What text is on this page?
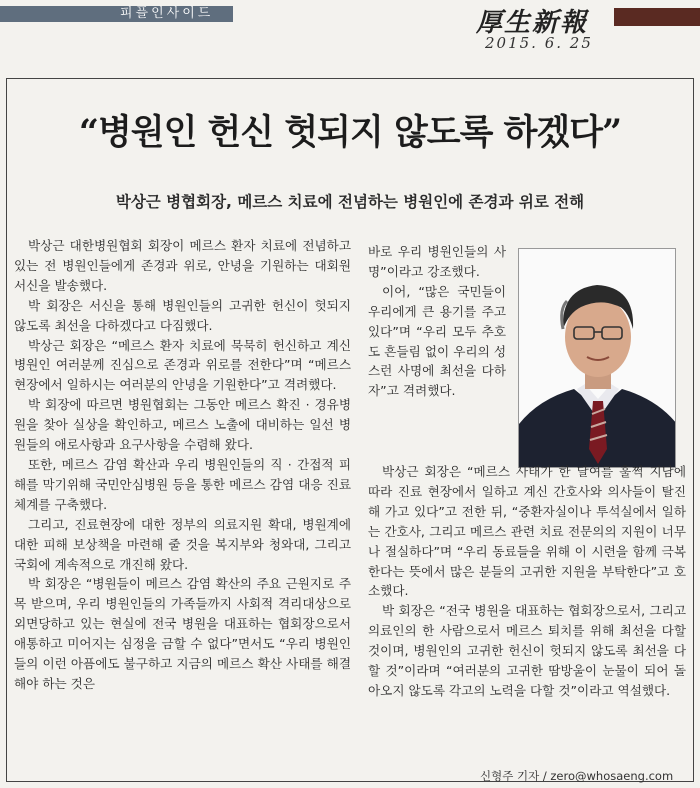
피플인사이드	厚生新報
2015. 6. 25
“병원인 헌신 헛되지 않도록 하겠다”
박상근 병협회장, 메르스 치료에 전념하는 병원인에 존경과 위로 전해

박상근 대한병원협회 회장이 메르스 환자 치료에 전념하고 있는 전 병원인들에게 존경과 위로, 안녕을 기원하는 대회원 서신을 발송했다.

박 회장은 서신을 통해 병원인들의 고귀한 헌신이 헛되지 않도록 최선을 다하겠다고 다짐했다.

박상근 회장은 “메르스 환자 치료에 묵묵히 헌신하고 계신 병원인 여러분께 진심으로 존경과 위로를 전한다”며 “메르스 현장에서 일하시는 여러분의 안녕을 기원한다”고 격려했다.

박 회장에 따르면 병원협회는 그동안 메르스 확진 · 경유병원을 찾아 실상을 확인하고, 메르스 노출에 대비하는 일선 병원들의 애로사항과 요구사항을 수렴해 왔다.

또한, 메르스 감염 확산과 우리 병원인들의 직 · 간접적 피해를 막기위해 국민안심병원 등을 통한 메르스 감염 대응 진료체계를 구축했다.

그리고, 진료현장에 대한 정부의 의료지원 확대, 병원계에 대한 피해 보상책을 마련해 줄 것을 복지부와 청와대, 그리고 국회에 계속적으로 개진해 왔다.

박 회장은 “병원들이 메르스 감염 확산의 주요 근원지로 주목 받으며, 우리 병원인들의 가족들까지 사회적 격리대상으로 외면당하고 있는 현실에 전국 병원을 대표하는 협회장으로서 애통하고 미어지는 심정을 금할 수 없다”면서도 “우리 병원인들의 이런 아픔에도 불구하고 지금의 메르스 확산 사태를 해결해야 하는 것은

바로 우리 병원인들의 사명”이라고 강조했다.

이어, “많은 국민들이 우리에게 큰 용기를 주고 있다”며 “우리 모두 추호도 흔들림 없이 우리의 성스런 사명에 최선을 다하자”고 격려했다.

박상근 회장은 “메르스 사태가 한 달여를 훌쩍 지남에 따라 진료 현장에서 일하고 계신 간호사와 의사들이 탈진해 가고 있다”고 전한 뒤, “중환자실이나 투석실에서 일하는 간호사, 그리고 메르스 관련 치료 전문의의 지원이 너무나 절실하다”며 “우리 동료들을 위해 이 시련을 함께 극복한다는 뜻에서 많은 분들의 고귀한 지원을 부탁한다”고 호소했다.

박 회장은 “전국 병원을 대표하는 협회장으로서, 그리고 의료인의 한 사람으로서 메르스 퇴치를 위해 최선을 다할 것이며, 병원인의 고귀한 헌신이 헛되지 않도록 최선을 다할 것”이라며 “여러분의 고귀한 땀방울이 눈물이 되어 돌아오지 않도록 각고의 노력을 다할 것”이라고 역설했다.

신형주 기자 / zero@whosaeng.com
